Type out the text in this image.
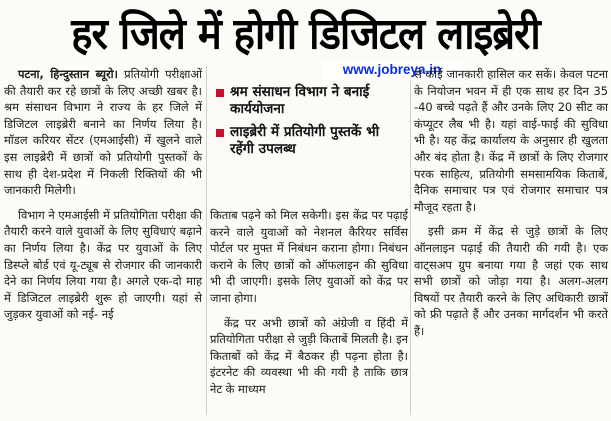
हर जिले में होगी डिजिटल लाइब्रेरी

पटना, हिन्दुस्तान ब्यूरो। प्रतियोगी परीक्षाओं की तैयारी कर रहे छात्रों के लिए अच्छी खबर है। श्रम संसाधन विभाग ने राज्य के हर जिले में डिजिटल लाइब्रेरी बनाने का निर्णय लिया है। मॉडल करियर सेंटर (एमआईसी) में खुलने वाले इस लाइब्रेरी में छात्रों को प्रतियोगी पुस्तकों के साथ ही देश-प्रदेश में निकली रिक्तियों की भी जानकारी मिलेगी।

विभाग ने एमआईसी में प्रतियोगिता परीक्षा की तैयारी करने वाले युवाओं के लिए सुविधाएं बढ़ाने का निर्णय लिया है। केंद्र पर युवाओं के लिए डिस्प्ले बोर्ड एवं यू-ट्यूब से रोजगार की जानकारी देने का निर्णय लिया गया है। अगले एक-दो माह में डिजिटल लाइब्रेरी शुरू हो जाएगी। यहां से जुड़कर युवाओं को नई- नई

श्रम संसाधन विभाग ने बनाई कार्ययोजना
लाइब्रेरी में प्रतियोगी पुस्तकें भी रहेंगी उपलब्ध
www.jobreya.in

किताब पढ़ने को मिल सकेगी। इस केंद्र पर पढ़ाई करने वाले युवाओं को नेशनल कैरियर सर्विस पोर्टल पर मुफ्त में निबंधन कराना होगा। निबंधन कराने के लिए छात्रों को ऑफलाइन की सुविधा भी दी जाएगी। इसके लिए युवाओं को केंद्र पर जाना होगा।

केंद्र पर अभी छात्रों को अंग्रेजी व हिंदी में प्रतियोगिता परीक्षा से जुड़ी किताबें मिलती है। इन किताबों को केंद्र में बैठकर ही पढ़ना होता है। इंटरनेट की व्यवस्था भी की गयी है ताकि छात्र नेट के माध्यम

से कोई जानकारी हासिल कर सकें। केवल पटना के नियोजन भवन में ही एक साथ हर दिन 35 -40 बच्चे पढ़ते हैं और उनके लिए 20 सीट का कंप्यूटर लैब भी है। यहां वाई-फाई की सुविधा भी है। यह केंद्र कार्यालय के अनुसार ही खुलता और बंद होता है। केंद्र में छात्रों के लिए रोजगार परक साहित्य, प्रतियोगी समसामयिक किताबें, दैनिक समाचार पत्र एवं रोजगार समाचार पत्र मौजूद रहता है।

इसी क्रम में केंद्र से जुड़े छात्रों के लिए ऑनलाइन पढ़ाई की तैयारी की गयी है। एक वाट्सअप ग्रुप बनाया गया है जहां एक साथ सभी छात्रों को जोड़ा गया है। अलग-अलग विषयों पर तैयारी करने के लिए अधिकारी छात्रों को फ्री पढ़ाते हैं और उनका मार्गदर्शन भी करते हैं।
